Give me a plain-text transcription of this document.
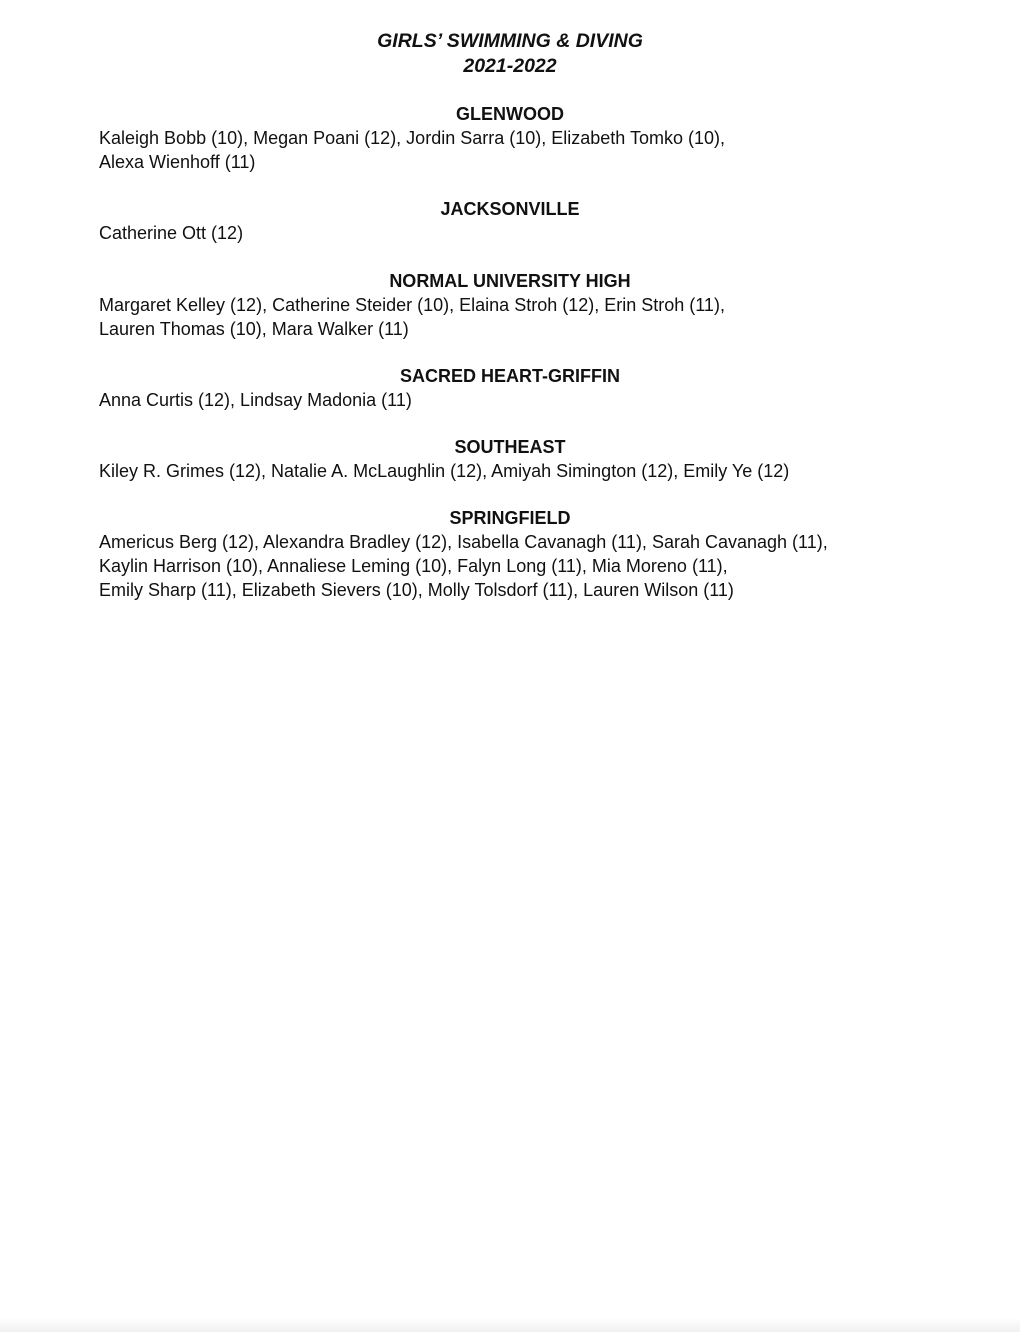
GIRLS’ SWIMMING & DIVING
2021-2022
GLENWOOD
Kaleigh Bobb (10), Megan Poani (12), Jordin Sarra (10), Elizabeth Tomko (10),
Alexa Wienhoff (11)
JACKSONVILLE
Catherine Ott (12)
NORMAL UNIVERSITY HIGH
Margaret Kelley (12), Catherine Steider (10), Elaina Stroh (12), Erin Stroh (11),
Lauren Thomas (10), Mara Walker (11)
SACRED HEART-GRIFFIN
Anna Curtis (12), Lindsay Madonia (11)
SOUTHEAST
Kiley R. Grimes (12), Natalie A. McLaughlin (12), Amiyah Simington (12), Emily Ye (12)
SPRINGFIELD
Americus Berg (12), Alexandra Bradley (12), Isabella Cavanagh (11), Sarah Cavanagh (11),
Kaylin Harrison (10), Annaliese Leming (10), Falyn Long (11), Mia Moreno (11),
Emily Sharp (11), Elizabeth Sievers (10), Molly Tolsdorf (11), Lauren Wilson (11)
